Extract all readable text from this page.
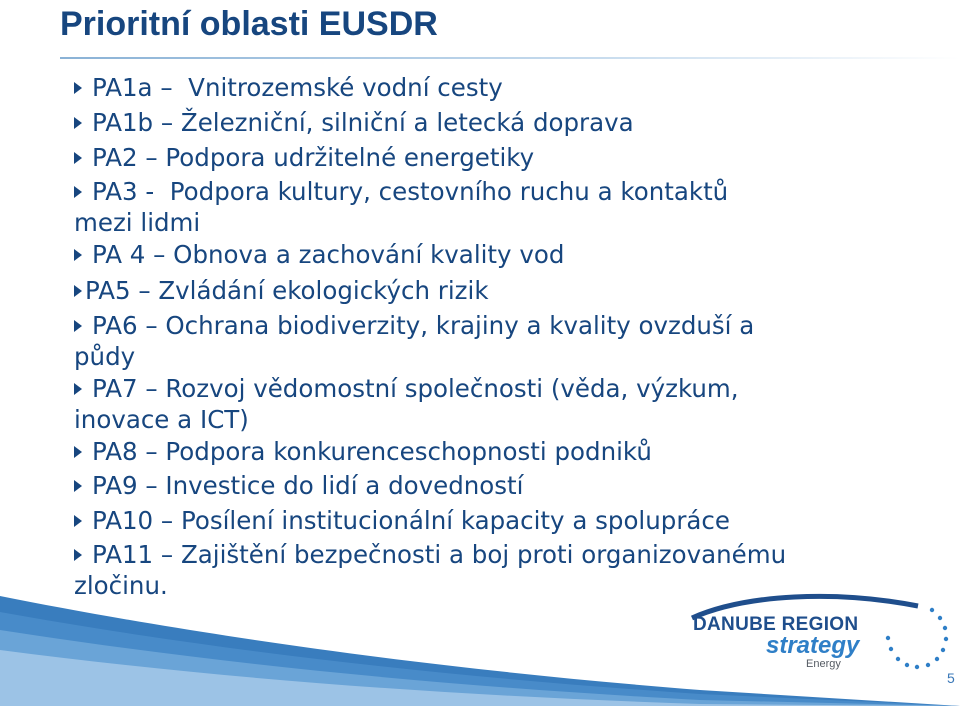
Prioritní oblasti EUSDR
PA1a –  Vnitrozemské vodní cesty
PA1b – Železniční, silniční a letecká doprava
PA2 – Podpora udržitelné energetiky
PA3 -  Podpora kultury, cestovního ruchu a kontaktů
mezi lidmi
PA 4 – Obnova a zachování kvality vod
PA5 – Zvládání ekologických rizik
PA6 – Ochrana biodiverzity, krajiny a kvality ovzduší a
půdy
PA7 – Rozvoj vědomostní společnosti (věda, výzkum,
inovace a ICT)
PA8 – Podpora konkurenceschopnosti podniků
PA9 – Investice do lidí a dovedností
PA10 – Posílení institucionální kapacity a spolupráce
PA11 – Zajištění bezpečnosti a boj proti organizovanému
zločinu.
DANUBE REGION
strategy
Energy
5
